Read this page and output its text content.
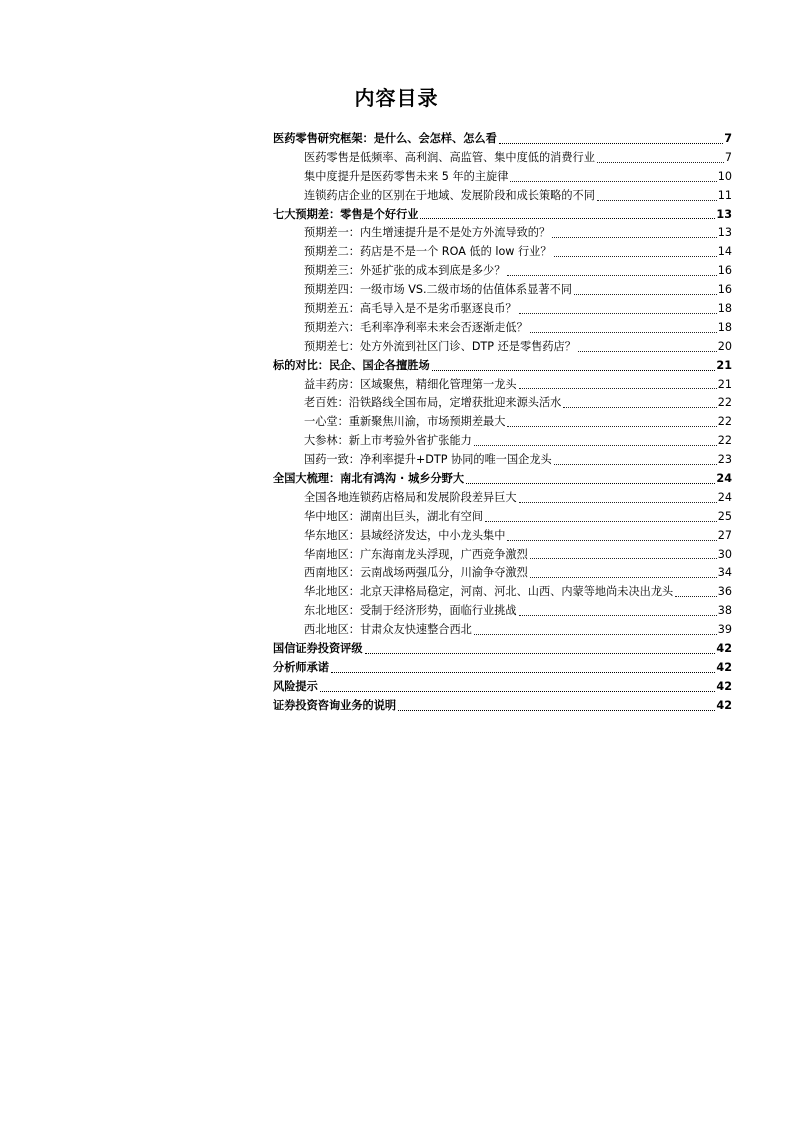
内容目录
医药零售研究框架：是什么、会怎样、怎么看	7
医药零售是低频率、高利润、高监管、集中度低的消费行业	7
集中度提升是医药零售未来 5 年的主旋律	10
连锁药店企业的区别在于地域、发展阶段和成长策略的不同	11
七大预期差：零售是个好行业	13
预期差一：内生增速提升是不是处方外流导致的？	13
预期差二：药店是不是一个 ROA 低的 low 行业？	14
预期差三：外延扩张的成本到底是多少？	16
预期差四：一级市场 VS.二级市场的估值体系显著不同	16
预期差五：高毛导入是不是劣币驱逐良币？	18
预期差六：毛利率净利率未来会否逐渐走低？	18
预期差七：处方外流到社区门诊、DTP 还是零售药店？	20
标的对比：民企、国企各擅胜场	21
益丰药房：区域聚焦，精细化管理第一龙头	21
老百姓：沿铁路线全国布局，定增获批迎来源头活水	22
一心堂：重新聚焦川渝，市场预期差最大	22
大参林：新上市考验外省扩张能力	22
国药一致：净利率提升+DTP 协同的唯一国企龙头	23
全国大梳理：南北有鸿沟 · 城乡分野大	24
全国各地连锁药店格局和发展阶段差异巨大	24
华中地区：湖南出巨头，湖北有空间	25
华东地区：县域经济发达，中小龙头集中	27
华南地区：广东海南龙头浮现，广西竞争激烈	30
西南地区：云南战场两强瓜分，川渝争夺激烈	34
华北地区：北京天津格局稳定，河南、河北、山西、内蒙等地尚未决出龙头	36
东北地区：受制于经济形势，面临行业挑战	38
西北地区：甘肃众友快速整合西北	39
国信证券投资评级	42
分析师承诺	42
风险提示	42
证券投资咨询业务的说明	42
